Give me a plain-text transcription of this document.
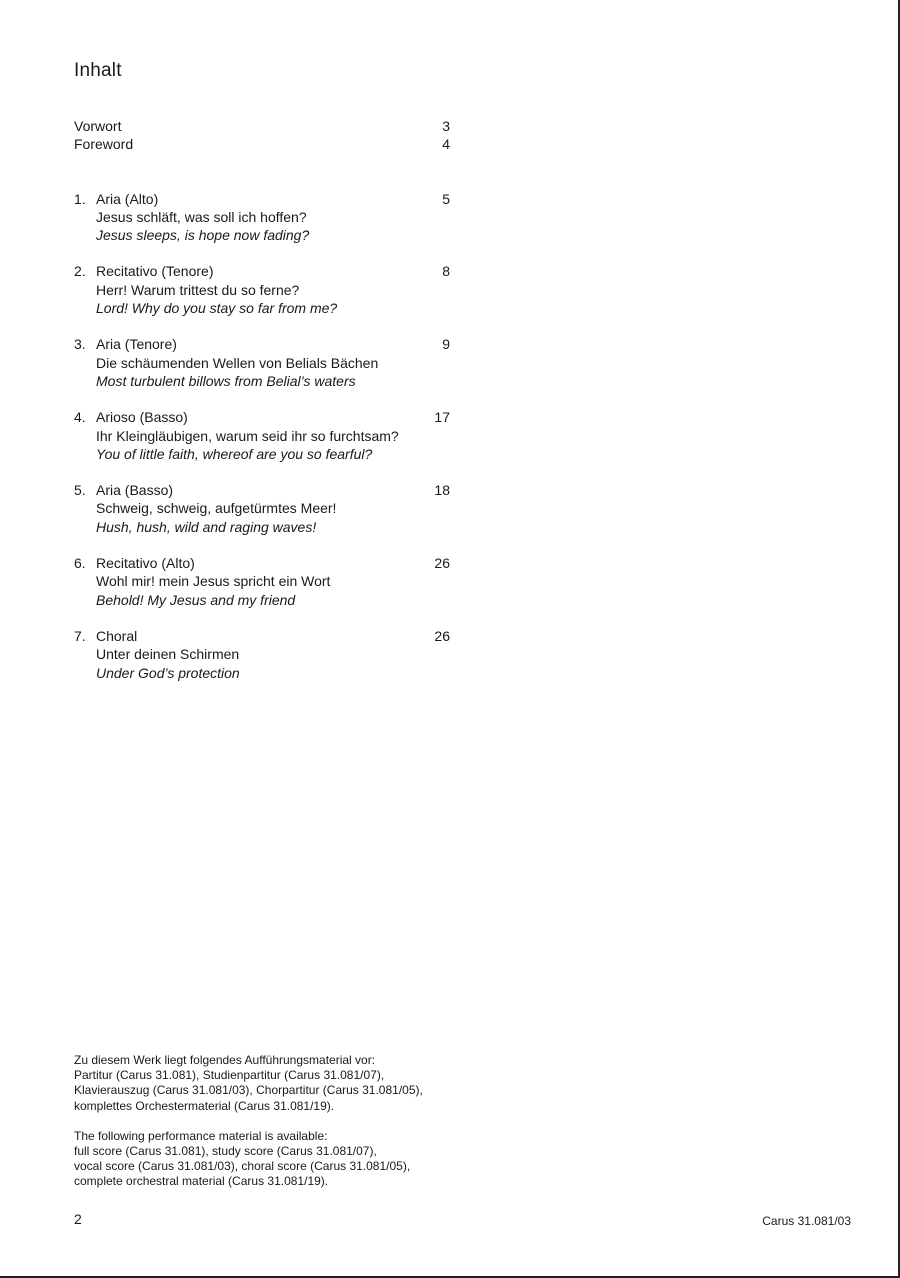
Inhalt
Vorwort	3
Foreword	4
1. Aria (Alto)	5
Jesus schläft, was soll ich hoffen?
Jesus sleeps, is hope now fading?
2. Recitativo (Tenore)	8
Herr! Warum trittest du so ferne?
Lord! Why do you stay so far from me?
3. Aria (Tenore)	9
Die schäumenden Wellen von Belials Bächen
Most turbulent billows from Belial’s waters
4. Arioso (Basso)	17
Ihr Kleingläubigen, warum seid ihr so furchtsam?
You of little faith, whereof are you so fearful?
5. Aria (Basso)	18
Schweig, schweig, aufgetürmtes Meer!
Hush, hush, wild and raging waves!
6. Recitativo (Alto)	26
Wohl mir! mein Jesus spricht ein Wort
Behold! My Jesus and my friend
7. Choral	26
Unter deinen Schirmen
Under God’s protection
Zu diesem Werk liegt folgendes Aufführungsmaterial vor:
Partitur (Carus 31.081), Studienpartitur (Carus 31.081/07),
Klavierauszug (Carus 31.081/03), Chorpartitur (Carus 31.081/05),
komplettes Orchestermaterial (Carus 31.081/19).
The following performance material is available:
full score (Carus 31.081), study score (Carus 31.081/07),
vocal score (Carus 31.081/03), choral score (Carus 31.081/05),
complete orchestral material (Carus 31.081/19).
2	Carus 31.081/03
